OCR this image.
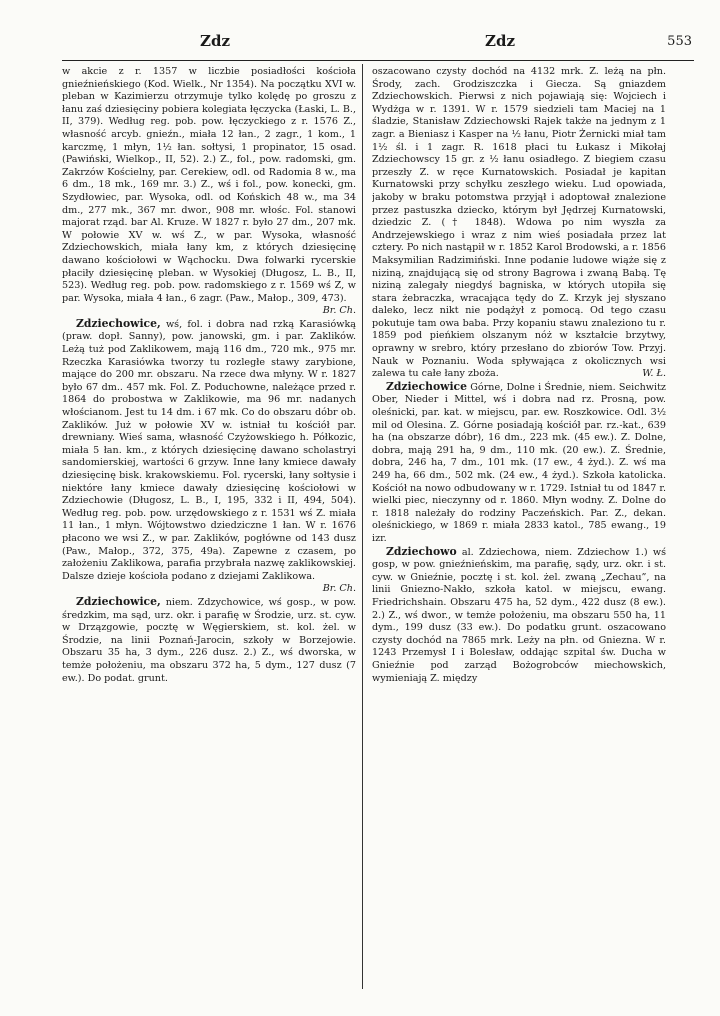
Zdz	Zdz	553

w akcie z r. 1357 w liczbie posiadłości kościoła gnieźnieńskiego (Kod. Wielk., Nr 1354). Na początku XVI w. pleban w Kazimierzu otrzymuje tylko kolędę po groszu z łanu zaś dziesięciny pobiera kolegiata łęczycka (Łaski, L. B., II, 379). Według reg. pob. pow. łęczyckiego z r. 1576 Z., własność arcyb. gnieźn., miała 12 łan., 2 zagr., 1 kom., 1 karczmę, 1 młyn, 1½ łan. sołtysi, 1 propinator, 15 osad. (Pawiński, Wielkop., II, 52). 2.) Z., fol., pow. radomski, gm. Zakrzów Kościelny, par. Cerekiew, odl. od Radomia 8 w., ma 6 dm., 18 mk., 169 mr. 3.) Z., wś i fol., pow. konecki, gm. Szydłowiec, par. Wysoka, odl. od Końskich 48 w., ma 34 dm., 277 mk., 367 mr. dwor., 908 mr. włośc. Fol. stanowi majorat rząd. bar Al. Kruze. W 1827 r. było 27 dm., 207 mk. W połowie XV w. wś Z., w par. Wysoka, własność Zdziechowskich, miała łany km, z których dziesięcinę dawano kościołowi w Wąchocku. Dwa folwarki rycerskie płaciły dziesięcinę pleban. w Wysokiej (Długosz, L. B., II, 523). Według reg. pob. pow. radomskiego z r. 1569 wś Z, w par. Wysoka, miała 4 łan., 6 zagr. (Paw., Małop., 309, 473).
Br. Ch.

Zdziechowice, wś, fol. i dobra nad rzką Karasiówką (praw. dopł. Sanny), pow. janowski, gm. i par. Zaklików. Leżą tuż pod Zaklikowem, mają 116 dm., 720 mk., 975 mr. Rzeczka Karasiówka tworzy tu rozległe stawy zarybione, mające do 200 mr. obszaru. Na rzece dwa młyny. W r. 1827 było 67 dm.. 457 mk. Fol. Z. Poduchowne, należące przed r. 1864 do probostwa w Zaklikowie, ma 96 mr. nadanych włościanom. Jest tu 14 dm. i 67 mk. Co do obszaru dóbr ob. Zaklików. Już w połowie XV w. istniał tu kościół par. drewniany. Wieś sama, własność Czyżowskiego h. Półkozic, miała 5 łan. km., z których dziesięcinę dawano scholastryi sandomierskiej, wartości 6 grzyw. Inne łany kmiece dawały dziesięcinę bisk. krakowskiemu. Fol. rycerski, łany sołtysie i niektóre łany kmiece dawały dziesięcinę kościołowi w Zdziechowie (Długosz, L. B., I, 195, 332 i II, 494, 504). Według reg. pob. pow. urzędowskiego z r. 1531 wś Z. miała 11 łan., 1 młyn. Wójtowstwo dziedziczne 1 łan. W r. 1676 płacono we wsi Z., w par. Zaklików, pogłówne od 143 dusz (Paw., Małop., 372, 375, 49a). Zapewne z czasem, po założeniu Zaklikowa, parafia przybrała nazwę zaklikowskiej. Dalsze dzieje kościoła podano z dziejami Zaklikowa.
Br. Ch.

Zdziechowice, niem. Zdzychowice, wś gosp., w pow. średzkim, ma sąd, urz. okr. i parafię w Środzie, urz. st. cyw. w Drzązgowie, pocztę w Węgierskiem, st. kol. żel. w Środzie, na linii Poznań-Jarocin, szkoły w Borzejowie. Obszaru 35 ha, 3 dym., 226 dusz. 2.) Z., wś dworska, w temże położeniu, ma obszaru 372 ha, 5 dym., 127 dusz (7 ew.). Do podat. grunt.

oszacowano czysty dochód na 4132 mrk. Z. leżą na płn. Środy, zach. Grodziszczka i Giecza. Są gniazdem Zdziechowskich. Pierwsi z nich pojawiają się: Wojciech i Wydżga w r. 1391. W r. 1579 siedzieli tam Maciej na 1 śladzie, Stanisław Zdziechowski Rajek także na jednym z 1 zagr. a Bieniasz i Kasper na ½ łanu, Piotr Żernicki miał tam 1½ śl. i 1 zagr. R. 1618 płaci tu Łukasz i Mikołaj Zdziechowscy 15 gr. z ½ łanu osiadłego. Z biegiem czasu przeszły Z. w ręce Kurnatowskich. Posiadał je kapitan Kurnatowski przy schyłku zeszłego wieku. Lud opowiada, jakoby w braku potomstwa przyjął i adoptował znalezione przez pastuszka dziecko, którym był Jędrzej Kurnatowski, dziedzic Z. († 1848). Wdowa po nim wyszła za Andrzejewskiego i wraz z nim wieś posiadała przez lat cztery. Po nich nastąpił w r. 1852 Karol Brodowski, a r. 1856 Maksymilian Radzimiński. Inne podanie ludowe wiąże się z niziną, znajdującą się od strony Bagrowa i zwaną Babą. Tę niziną zalegały niegdyś bagniska, w których utopiła się stara żebraczka, wracająca tędy do Z. Krzyk jej słyszano daleko, lecz nikt nie podążył z pomocą. Od tego czasu pokutuje tam owa baba. Przy kopaniu stawu znaleziono tu r. 1859 pod pieńkiem olszanym nóż w kształcie brzytwy, oprawny w srebro, który przesłano do zbiorów Tow. Przyj. Nauk w Poznaniu. Woda spływająca z okolicznych wsi zalewa tu całe łany zboża.	W. Ł.

Zdziechowice Górne, Dolne i Średnie, niem. Seichwitz Ober, Nieder i Mittel, wś i dobra nad rz. Prosną, pow. oleśnicki, par. kat. w miejscu, par. ew. Roszkowice. Odl. 3½ mil od Olesina. Z. Górne posiadają kościół par. rz.-kat., 639 ha (na obszarze dóbr), 16 dm., 223 mk. (45 ew.). Z. Dolne, dobra, mają 291 ha, 9 dm., 110 mk. (20 ew.). Z. Średnie, dobra, 246 ha, 7 dm., 101 mk. (17 ew., 4 żyd.). Z. wś ma 249 ha, 66 dm., 502 mk. (24 ew., 4 żyd.). Szkoła katolicka. Kościół na nowo odbudowany w r. 1729. Istniał tu od 1847 r. wielki piec, nieczynny od r. 1860. Młyn wodny. Z. Dolne do r. 1818 należały do rodziny Paczeńskich. Par. Z., dekan. oleśnickiego, w 1869 r. miała 2833 katol., 785 ewang., 19 izr.

Zdziechowo al. Zdziechowa, niem. Zdziechow 1.) wś gosp, w pow. gnieźnieńskim, ma parafię, sądy, urz. okr. i st. cyw. w Gnieźnie, pocztę i st. kol. żel. zwaną „Zechau”, na linii Gniezno-Nakło, szkoła katol. w miejscu, ewang. Friedrichshain. Obszaru 475 ha, 52 dym., 422 dusz (8 ew.). 2.) Z., wś dwor., w temże położeniu, ma obszaru 550 ha, 11 dym., 199 dusz (33 ew.). Do podatku grunt. oszacowano czysty dochód na 7865 mrk. Leży na płn. od Gniezna. W r. 1243 Przemysł I i Bolesław, oddając szpital św. Ducha w Gnieźnie pod zarząd Bożogrobców miechowskich, wymieniają Z. między
